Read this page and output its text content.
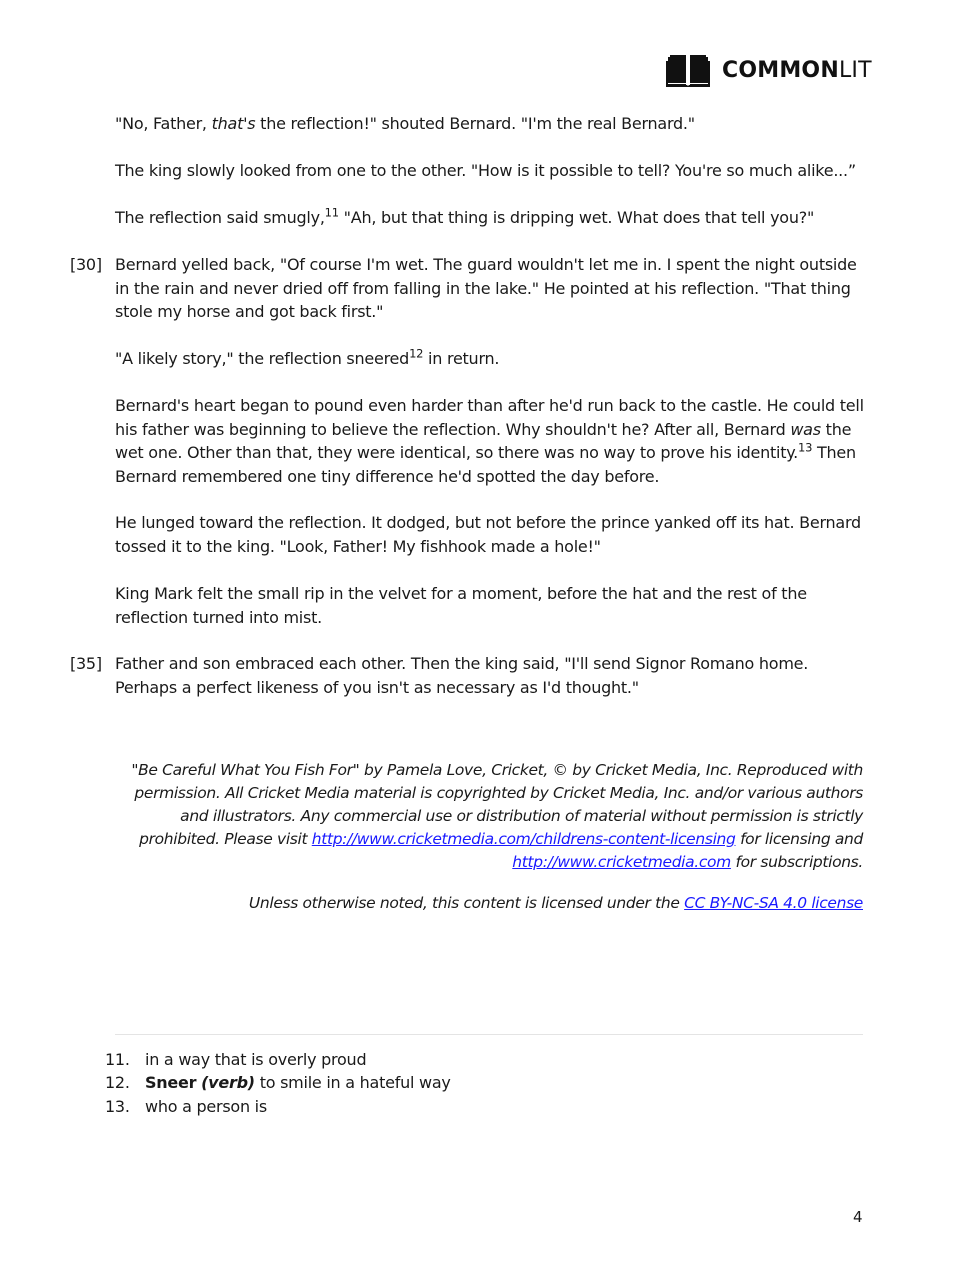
COMMONLIT
"No, Father, that's the reflection!" shouted Bernard. "I'm the real Bernard."
The king slowly looked from one to the other. "How is it possible to tell? You're so much alike...”
The reflection said smugly,$^{11}$ "Ah, but that thing is dripping wet. What does that tell you?"
[30] Bernard yelled back, "Of course I'm wet. The guard wouldn't let me in. I spent the night outside in the rain and never dried off from falling in the lake." He pointed at his reflection. "That thing stole my horse and got back first."
"A likely story," the reflection sneered$^{12}$ in return.
Bernard's heart began to pound even harder than after he'd run back to the castle. He could tell his father was beginning to believe the reflection. Why shouldn't he? After all, Bernard was the wet one. Other than that, they were identical, so there was no way to prove his identity.$^{13}$ Then Bernard remembered one tiny difference he'd spotted the day before.
He lunged toward the reflection. It dodged, but not before the prince yanked off its hat. Bernard tossed it to the king. "Look, Father! My fishhook made a hole!"
King Mark felt the small rip in the velvet for a moment, before the hat and the rest of the reflection turned into mist.
[35] Father and son embraced each other. Then the king said, "I'll send Signor Romano home. Perhaps a perfect likeness of you isn't as necessary as I'd thought."
"Be Careful What You Fish For" by Pamela Love, Cricket, © by Cricket Media, Inc. Reproduced with permission. All Cricket Media material is copyrighted by Cricket Media, Inc. and/or various authors and illustrators. Any commercial use or distribution of material without permission is strictly prohibited. Please visit http://www.cricketmedia.com/childrens-content-licensing for licensing and http://www.cricketmedia.com for subscriptions.
Unless otherwise noted, this content is licensed under the CC BY-NC-SA 4.0 license
11. in a way that is overly proud
12. Sneer (verb) to smile in a hateful way
13. who a person is
4
